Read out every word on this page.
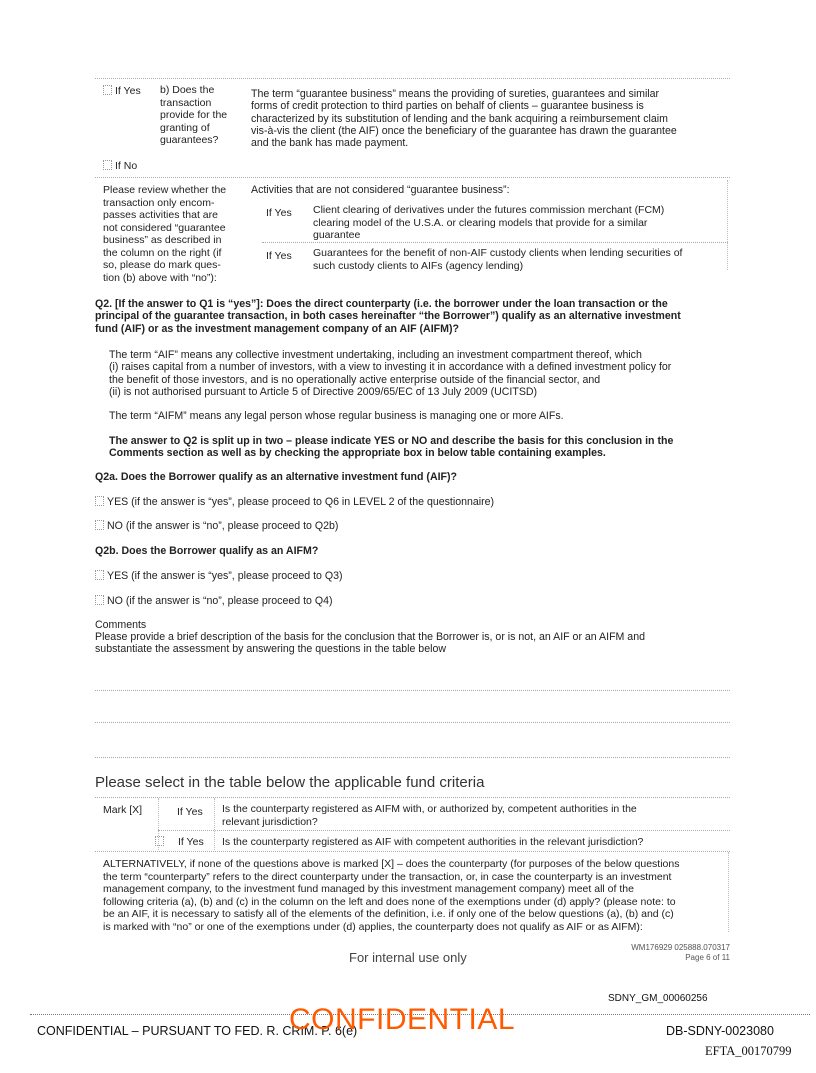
If Yes	b) Does the
transaction
provide for the
granting of
guarantees?
The term “guarantee business” means the providing of sureties, guarantees and similar
forms of credit protection to third parties on behalf of clients – guarantee business is
characterized by its substitution of lending and the bank acquiring a reimbursement claim
vis-à-vis the client (the AIF) once the beneficiary of the guarantee has drawn the guarantee
and the bank has made payment.
If No
Please review whether the
transaction only encom-
passes activities that are
not considered “guarantee
business” as described in
the column on the right (if
so, please do mark ques-
tion (b) above with “no”):
Activities that are not considered “guarantee business”:
If Yes Client clearing of derivatives under the futures commission merchant (FCM)
clearing model of the U.S.A. or clearing models that provide for a similar
guarantee
If Yes Guarantees for the benefit of non-AIF custody clients when lending securities of
such custody clients to AIFs (agency lending)
Q2. [If the answer to Q1 is “yes”]: Does the direct counterparty (i.e. the borrower under the loan transaction or the
principal of the guarantee transaction, in both cases hereinafter “the Borrower”) qualify as an alternative investment
fund (AIF) or as the investment management company of an AIF (AIFM)?
The term “AIF” means any collective investment undertaking, including an investment compartment thereof, which
(i) raises capital from a number of investors, with a view to investing it in accordance with a defined investment policy for
the benefit of those investors, and is no operationally active enterprise outside of the financial sector, and
(ii) is not authorised pursuant to Article 5 of Directive 2009/65/EC of 13 July 2009 (UCITSD)
The term “AIFM” means any legal person whose regular business is managing one or more AIFs.
The answer to Q2 is split up in two – please indicate YES or NO and describe the basis for this conclusion in the
Comments section as well as by checking the appropriate box in below table containing examples.
Q2a. Does the Borrower qualify as an alternative investment fund (AIF)?
YES (if the answer is “yes”, please proceed to Q6 in LEVEL 2 of the questionnaire)
NO (if the answer is “no”, please proceed to Q2b)
Q2b. Does the Borrower qualify as an AIFM?
YES (if the answer is “yes”, please proceed to Q3)
NO (if the answer is “no”, please proceed to Q4)
Comments
Please provide a brief description of the basis for the conclusion that the Borrower is, or is not, an AIF or an AIFM and
substantiate the assessment by answering the questions in the table below
Please select in the table below the applicable fund criteria
Mark [X]	If Yes Is the counterparty registered as AIFM with, or authorized by, competent authorities in the
relevant jurisdiction?
If Yes Is the counterparty registered as AIF with competent authorities in the relevant jurisdiction?
ALTERNATIVELY, if none of the questions above is marked [X] – does the counterparty (for purposes of the below questions
the term “counterparty” refers to the direct counterparty under the transaction, or, in case the counterparty is an investment
management company, to the investment fund managed by this investment management company) meet all of the
following criteria (a), (b) and (c) in the column on the left and does none of the exemptions under (d) apply? (please note: to
be an AIF, it is necessary to satisfy all of the elements of the definition, i.e. if only one of the below questions (a), (b) and (c)
is marked with “no” or one of the exemptions under (d) applies, the counterparty does not qualify as AIF or as AIFM):
WM176929 025888.070317
Page 6 of 11
For internal use only
SDNY_GM_00060256
CONFIDENTIAL – PURSUANT TO FED. R. CRIM. P. 6(e)
CONFIDENTIAL	DB-SDNY-0023080
EFTA_00170799
